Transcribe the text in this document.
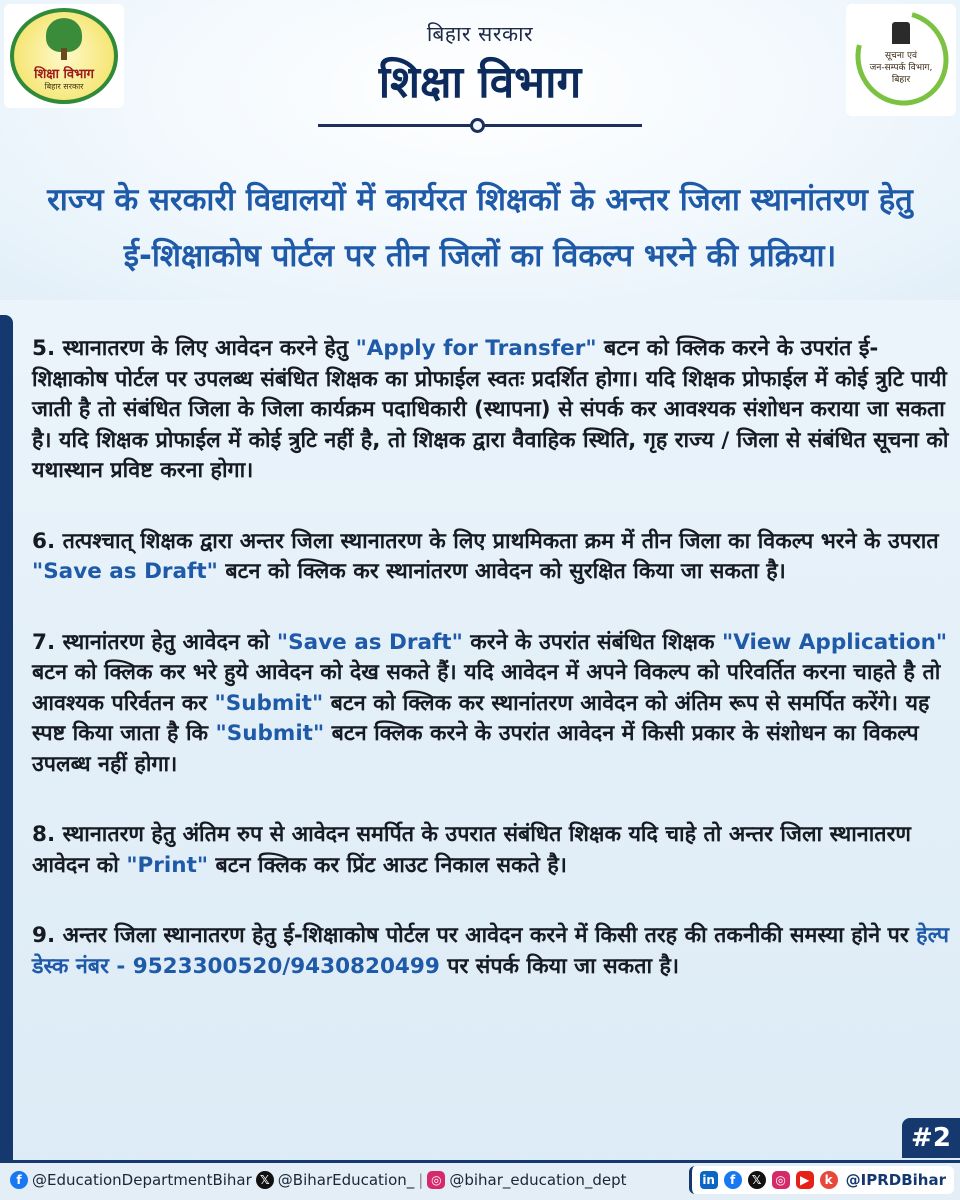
शिक्षा विभाग
बिहार सरकार
सूचना एवं
जन-सम्पर्क विभाग,
बिहार
बिहार सरकार
शिक्षा विभाग
राज्य के सरकारी विद्यालयों में कार्यरत शिक्षकों के अन्तर जिला स्थानांतरण हेतु
ई-शिक्षाकोष पोर्टल पर तीन जिलों का विकल्प भरने की प्रक्रिया।

5. स्थानातरण के लिए आवेदन करने हेतु "Apply for Transfer" बटन को क्लिक करने के उपरांत ई-शिक्षाकोष पोर्टल पर उपलब्ध संबंधित शिक्षक का प्रोफाईल स्वतः प्रदर्शित होगा। यदि शिक्षक प्रोफाईल में कोई त्रुटि पायी जाती है तो संबंधित जिला के जिला कार्यक्रम पदाधिकारी (स्थापना) से संपर्क कर आवश्यक संशोधन कराया जा सकता है। यदि शिक्षक प्रोफाईल में कोई त्रुटि नहीं है, तो शिक्षक द्वारा वैवाहिक स्थिति, गृह राज्य / जिला से संबंधित सूचना को यथास्थान प्रविष्ट करना होगा।

6. तत्पश्चात् शिक्षक द्वारा अन्तर जिला स्थानातरण के लिए प्राथमिकता क्रम में तीन जिला का विकल्प भरने के उपरात "Save as Draft" बटन को क्लिक कर स्थानांतरण आवेदन को सुरक्षित किया जा सकता है।

7. स्थानांतरण हेतु आवेदन को "Save as Draft" करने के उपरांत संबंधित शिक्षक "View Application" बटन को क्लिक कर भरे हुये आवेदन को देख सकते हैं। यदि आवेदन में अपने विकल्प को परिवर्तित करना चाहते है तो आवश्यक परिर्वतन कर "Submit" बटन को क्लिक कर स्थानांतरण आवेदन को अंतिम रूप से समर्पित करेंगे। यह स्पष्ट किया जाता है कि "Submit" बटन क्लिक करने के उपरांत आवेदन में किसी प्रकार के संशोधन का विकल्प उपलब्ध नहीं होगा।

8. स्थानातरण हेतु अंतिम रुप से आवेदन समर्पित के उपरात संबंधित शिक्षक यदि चाहे तो अन्तर जिला स्थानातरण आवेदन को "Print" बटन क्लिक कर प्रिंट आउट निकाल सकते है।

9. अन्तर जिला स्थानातरण हेतु ई-शिक्षाकोष पोर्टल पर आवेदन करने में किसी तरह की तकनीकी समस्या होने पर हेल्प डेस्क नंबर - 9523300520/9430820499 पर संपर्क किया जा सकता है।

#2
f @EducationDepartmentBihar 𝕏 @BiharEducation_ | ◎ @bihar_education_dept	in	f	𝕏	◎	▶	k @IPRDBihar
